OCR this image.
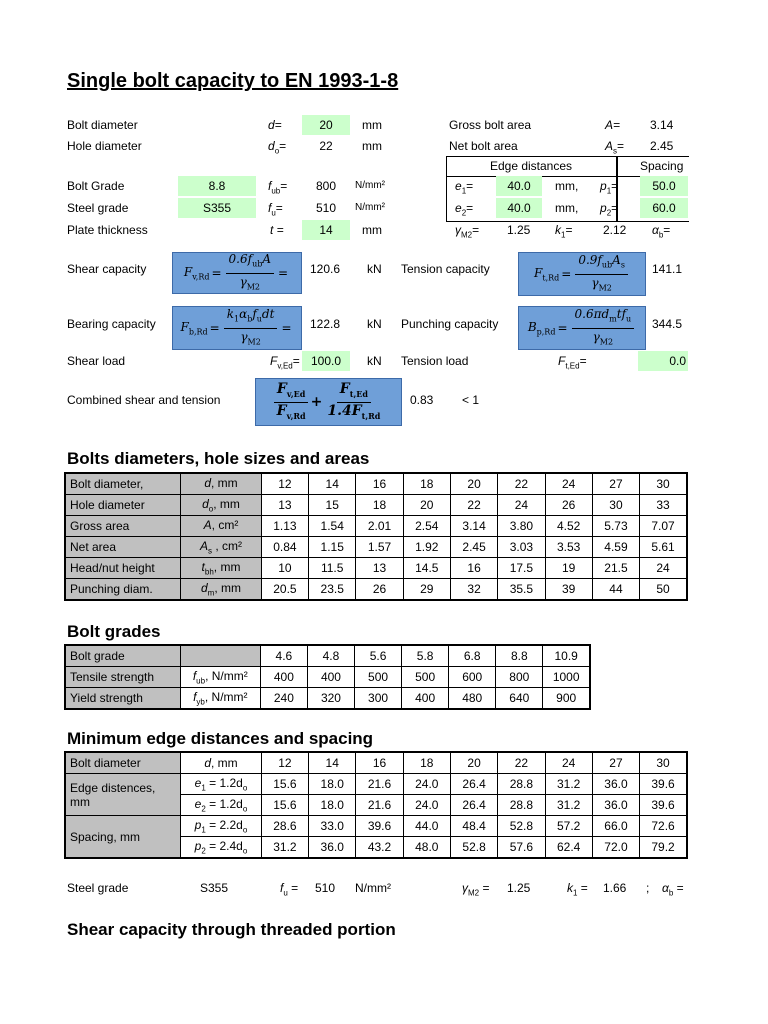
Single bolt capacity to EN 1993-1-8
Bolt diameter	d=	20	mm
Hole diameter	$d_o=$	22	mm
Bolt Grade	8.8	$f_{ub}=$	800	N/mm²
Steel grade	S355	$f_u=$	510	N/mm²
Plate thickness	t =	14	mm
Gross bolt area	A= 3.14
Net bolt area	$A_s= 2.45$
Edge distances	Spacing
$e_1=$	40.0	mm, $p_1=$	50.0
$e_2=$	40.0	mm, $p_2=$	60.0
$\gamma_{M2}= 1.25$ $k_1=$	2.12 $\alpha_b=$
Shear capacity	$F_{v,Rd} = \frac{0.6f_{ub}A}{\gamma_{M2}} = 120.6$ kN Tension capacity	$F_{t,Rd} = \frac{0.9f_{ub}A_s}{\gamma_{M2}} 141.1$
Bearing capacity $F_{b,Rd} = \frac{k_1\alpha_bf_udt}{\gamma_{M2}} = 122.8$ kN Punching capacity $B_{p,Rd} = \frac{0.6\pi d_mtf_u}{\gamma_{M2}} 344.5$
Shear load	$F_{v,Ed}= 100.0$	kN Tension load	$F_{t,Ed}=$	0.0
Combined shear and tension	$\frac{F_{v,Ed}}{F_{v,Rd}} + \frac{F_{t,Ed}}{1.4F_{t,Rd}} 0.83 < 1$
Bolts diameters, hole sizes and areas
Bolt diameter,	d, mm	12	14	16	18	20	22	24	27	30
Hole diameter	$d_o$, mm	13	15	18	20	22	24	26	30	33
Gross area	A, cm²	1.13	1.54	2.01	2.54	3.14	3.80	4.52	5.73	7.07
Net area	$A_s$ , cm²	0.84	1.15	1.57	1.92	2.45	3.03	3.53	4.59	5.61
Head/nut height	$t_{bh}$, mm	10	11.5	13	14.5	16	17.5	19	21.5	24
Punching diam.	$d_m$, mm	20.5	23.5	26	29	32	35.5	39	44	50
Bolt grades
Bolt grade		4.6	4.8	5.6	5.8	6.8	8.8	10.9
Tensile strength	$f_{ub}$, N/mm²	400	400	500	500	600	800	1000
Yield strength	$f_{yb}$, N/mm²	240	320	300	400	480	640	900
Minimum edge distances and spacing
Bolt diameter	d, mm	12	14	16	18	20	22	24	27	30
Edge distences, mm	$e_1 = 1.2d_o$	15.6	18.0	21.6	24.0	26.4	28.8	31.2	36.0	39.6
	$e_2 = 1.2d_o$	15.6	18.0	21.6	24.0	26.4	28.8	31.2	36.0	39.6
Spacing, mm	$p_1 = 2.2d_o$	28.6	33.0	39.6	44.0	48.4	52.8	57.2	66.0	72.6
	$p_2 = 2.4d_o$	31.2	36.0	43.2	48.0	52.8	57.6	62.4	72.0	79.2
Steel grade	S355	$f_u = 510$ N/mm²	$\gamma_{M2} = 1.25$	$k_1 = 1.66$ ; $\alpha_b$ =
Shear capacity through threaded portion
